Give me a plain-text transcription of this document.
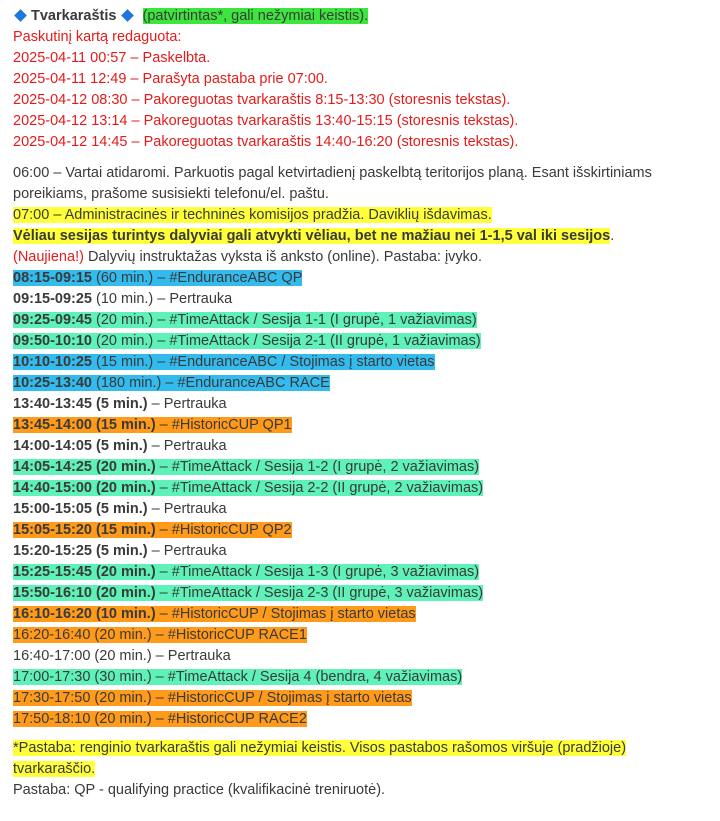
Tvarkaraštis (patvirtintas*, gali nežymiai keistis).
Paskutinį kartą redaguota:
2025-04-11 00:57 – Paskelbta.
2025-04-11 12:49 – Parašyta pastaba prie 07:00.
2025-04-12 08:30 – Pakoreguotas tvarkaraštis 8:15-13:30 (storesnis tekstas).
2025-04-12 13:14 – Pakoreguotas tvarkaraštis 13:40-15:15 (storesnis tekstas).
2025-04-12 14:45 – Pakoreguotas tvarkaraštis 14:40-16:20 (storesnis tekstas).
06:00 – Vartai atidaromi. Parkuotis pagal ketvirtadienį paskelbtą teritorijos planą. Esant išskirtiniams poreikiams, prašome susisiekti telefonu/el. paštu.
07:00 – Administracinės ir techninės komisijos pradžia. Daviklių išdavimas.
Vėliau sesijas turintys dalyviai gali atvykti vėliau, bet ne mažiau nei 1-1,5 val iki sesijos.
(Naujiena!) Dalyvių instruktažas vyksta iš anksto (online). Pastaba: įvyko.
08:15-09:15 (60 min.) – #EnduranceABC QP
09:15-09:25 (10 min.) – Pertrauka
09:25-09:45 (20 min.) – #TimeAttack / Sesija 1-1 (I grupė, 1 važiavimas)
09:50-10:10 (20 min.) – #TimeAttack / Sesija 2-1 (II grupė, 1 važiavimas)
10:10-10:25 (15 min.) – #EnduranceABC / Stojimas į starto vietas
10:25-13:40 (180 min.) – #EnduranceABC RACE
13:40-13:45 (5 min.) – Pertrauka
13:45-14:00 (15 min.) – #HistoricCUP QP1
14:00-14:05 (5 min.) – Pertrauka
14:05-14:25 (20 min.) – #TimeAttack / Sesija 1-2 (I grupė, 2 važiavimas)
14:40-15:00 (20 min.) – #TimeAttack / Sesija 2-2 (II grupė, 2 važiavimas)
15:00-15:05 (5 min.) – Pertrauka
15:05-15:20 (15 min.) – #HistoricCUP QP2
15:20-15:25 (5 min.) – Pertrauka
15:25-15:45 (20 min.) – #TimeAttack / Sesija 1-3 (I grupė, 3 važiavimas)
15:50-16:10 (20 min.) – #TimeAttack / Sesija 2-3 (II grupė, 3 važiavimas)
16:10-16:20 (10 min.) – #HistoricCUP / Stojimas į starto vietas
16:20-16:40 (20 min.) – #HistoricCUP RACE1
16:40-17:00 (20 min.) – Pertrauka
17:00-17:30 (30 min.) – #TimeAttack / Sesija 4 (bendra, 4 važiavimas)
17:30-17:50 (20 min.) – #HistoricCUP / Stojimas į starto vietas
17:50-18:10 (20 min.) – #HistoricCUP RACE2
*Pastaba: renginio tvarkaraštis gali nežymiai keistis. Visos pastabos rašomos viršuje (pradžioje) tvarkaraščio.
Pastaba: QP - qualifying practice (kvalifikacinė treniruotė).
